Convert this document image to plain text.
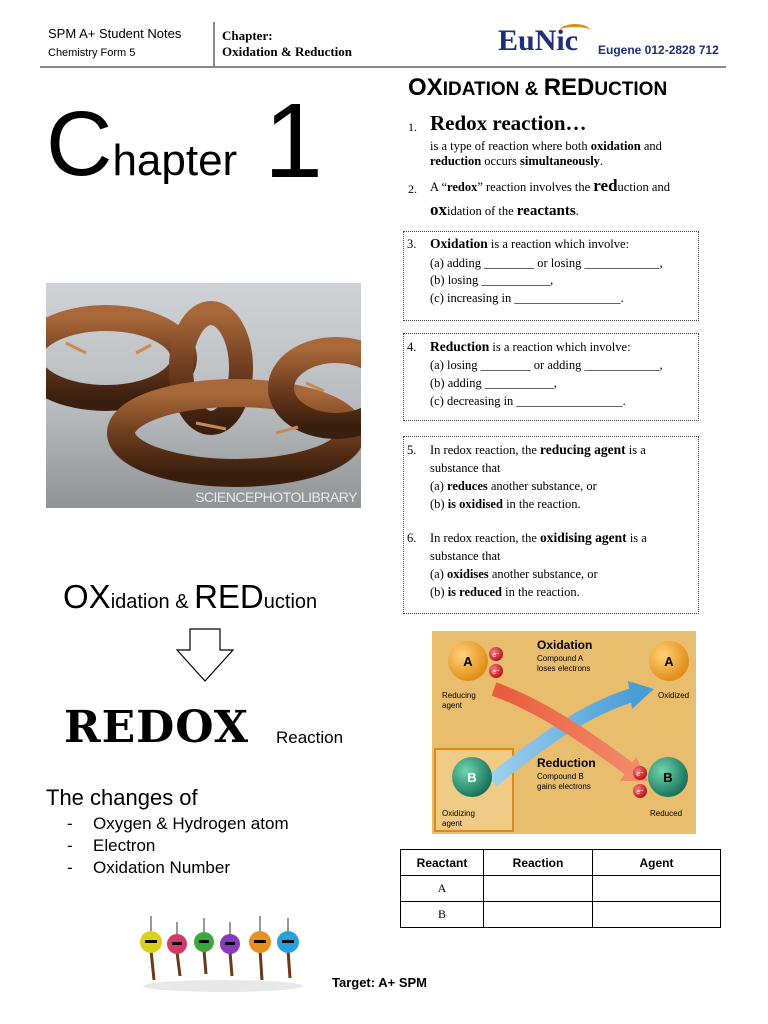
SPM A+ Student Notes
Chemistry Form 5
Chapter:
Oxidation & Reduction	EuNic Eugene 012-2828 712
Chapter 1
SCIENCEPHOTOLIBRARY
OXidation & REDuction
REDOX Reaction
The changes of
- Oxygen & Hydrogen atom
- Electron
- Oxidation Number
OXIDATION & REDUCTION
1. Redox reaction…
is a type of reaction where both oxidation and
reduction occurs simultaneously.
2. A “redox” reaction involves the reduction and
oxidation of the reactants.
3. Oxidation is a reaction which involve:
(a) adding ________ or losing ____________,
(b) losing ___________,
(c) increasing in _________________.
4. Reduction is a reaction which involve:
(a) losing ________ or adding ____________,
(b) adding ___________,
(c) decreasing in _________________.
5. In redox reaction, the reducing agent is a
substance that
(a) reduces another substance, or
(b) is oxidised in the reaction.
6. In redox reaction, the oxidising agent is a
substance that
(a) oxidises another substance, or
(b) is reduced in the reaction.
A	A
B	B
e⁻
e⁻
e⁻
e⁻
Oxidation
Compound A
loses electrons
Reduction
Compound B
gains electrons
Reducing
agent
Oxidized
Oxidizing
agent
Reduced
Reactant	Reaction	Agent
A		
B		
Target: A+ SPM
